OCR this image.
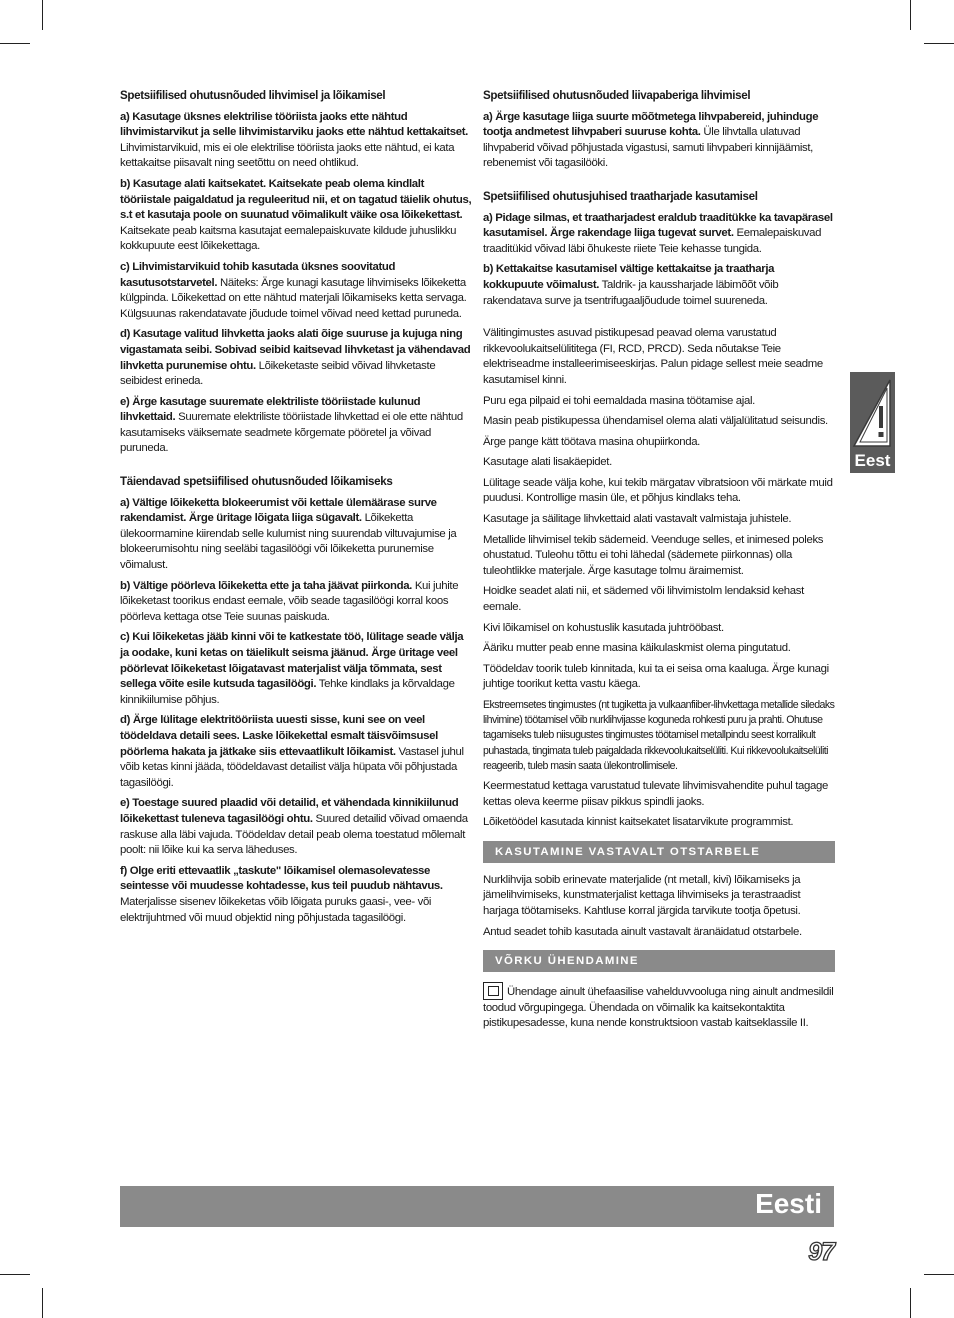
Spetsiifilised ohutusnõuded lihvimisel ja lõikamisel

a) Kasutage üksnes elektrilise tööriista jaoks ette nähtud lihvimistarvikut ja selle lihvimistarviku jaoks ette nähtud kettakaitset. Lihvimistarvikuid, mis ei ole elektrilise tööriista jaoks ette nähtud, ei kata kettakaitse piisavalt ning seetõttu on need ohtlikud.

b) Kasutage alati kaitsekatet. Kaitsekate peab olema kindlalt tööriistale paigaldatud ja reguleeritud nii, et on tagatud täielik ohutus, s.t et kasutaja poole on suunatud võimalikult väike osa lõikekettast. Kaitsekate peab kaitsma kasutajat eemalepaiskuvate kildude juhuslikku kokkupuute eest lõikekettaga.

c) Lihvimistarvikuid tohib kasutada üksnes soovitatud kasutusotstarvetel. Näiteks: Ärge kunagi kasutage lihvimiseks lõikeketta külgpinda. Lõikekettad on ette nähtud materjali lõikamiseks ketta servaga. Külgsuunas rakendatavate jõudude toimel võivad need kettad puruneda.

d) Kasutage valitud lihvketta jaoks alati õige suuruse ja kujuga ning vigastamata seibi. Sobivad seibid kaitsevad lihvketast ja vähendavad lihvketta purunemise ohtu. Lõikeketaste seibid võivad lihvketaste seibidest erineda.

e) Ärge kasutage suuremate elektriliste tööriistade kulunud lihvkettaid. Suuremate elektriliste tööriistade lihvkettad ei ole ette nähtud kasutamiseks väiksemate seadmete kõrgemate pööretel ja võivad puruneda.

Täiendavad spetsiifilised ohutusnõuded lõikamiseks

a) Vältige lõikeketta blokeerumist või kettale ülemäärase surve rakendamist. Ärge üritage lõigata liiga sügavalt. Lõikeketta ülekoormamine kiirendab selle kulumist ning suurendab viltuvajumise ja blokeerumisohtu ning seeläbi tagasilöögi või lõikeketta purunemise võimalust.

b) Vältige pöörleva lõikeketta ette ja taha jäävat piirkonda. Kui juhite lõikeketast toorikus endast eemale, võib seade tagasilöögi korral koos pöörleva kettaga otse Teie suunas paiskuda.

c) Kui lõikeketas jääb kinni või te katkestate töö, lülitage seade välja ja oodake, kuni ketas on täielikult seisma jäänud. Ärge üritage veel pöörlevat lõikeketast lõigatavast materjalist välja tõmmata, sest sellega võite esile kutsuda tagasilöögi. Tehke kindlaks ja kõrvaldage kinnikiilumise põhjus.

d) Ärge lülitage elektritööriista uuesti sisse, kuni see on veel töödeldava detaili sees. Laske lõikekettal esmalt täisvõimsusel pöörlema hakata ja jätkake siis ettevaatlikult lõikamist. Vastasel juhul võib ketas kinni jääda, töödeldavast detailist välja hüpata või põhjustada tagasilöögi.

e) Toestage suured plaadid või detailid, et vähendada kinnikiilunud lõikekettast tuleneva tagasilöögi ohtu. Suured detailid võivad omaenda raskuse alla läbi vajuda. Töödeldav detail peab olema toestatud mõlemalt poolt: nii lõike kui ka serva läheduses.

f) Olge eriti ettevaatlik „taskute" lõikamisel olemasolevatesse seintesse või muudesse kohtadesse, kus teil puudub nähtavus. Materjalisse sisenev lõikeketas võib lõigata puruks gaasi-, vee- või elektrijuhtmed või muud objektid ning põhjustada tagasilöögi.

Spetsiifilised ohutusnõuded liivapaberiga lihvimisel

a) Ärge kasutage liiga suurte mõõtmetega lihvpabereid, juhinduge tootja andmetest lihvpaberi suuruse kohta. Üle lihvtalla ulatuvad lihvpaberid võivad põhjustada vigastusi, samuti lihvpaberi kinnijäämist, rebenemist või tagasilööki.

Spetsiifilised ohutusjuhised traatharjade kasutamisel

a) Pidage silmas, et traatharjadest eraldub traaditükke ka tavapärasel kasutamisel. Ärge rakendage liiga tugevat survet. Eemalepaiskuvad traaditükid võivad läbi õhukeste riiete Teie kehasse tungida.

b) Kettakaitse kasutamisel vältige kettakaitse ja traatharja kokkupuute võimalust. Taldrik- ja kaussharjade läbimõõt võib rakendatava surve ja tsentrifugaaljõudude toimel suureneda.

Välitingimustes asuvad pistikupesad peavad olema varustatud rikkevoolukaitselülititega (FI, RCD, PRCD). Seda nõutakse Teie elektriseadme installeerimiseeskirjas. Palun pidage sellest meie seadme kasutamisel kinni.

Puru ega pilpaid ei tohi eemaldada masina töötamise ajal.

Masin peab pistikupessa ühendamisel olema alati väljalülitatud seisundis.

Ärge pange kätt töötava masina ohupiirkonda.

Kasutage alati lisakäepidet.

Lülitage seade välja kohe, kui tekib märgatav vibratsioon või märkate muid puudusi. Kontrollige masin üle, et põhjus kindlaks teha.

Kasutage ja säilitage lihvkettaid alati vastavalt valmistaja juhistele.

Metallide lihvimisel tekib sädemeid. Veenduge selles, et inimesed poleks ohustatud. Tuleohu tõttu ei tohi lähedal (sädemete piirkonnas) olla tuleohtlikke materjale. Ärge kasutage tolmu äraimemist.

Hoidke seadet alati nii, et sädemed või lihvimistolm lendaksid kehast eemale.

Kivi lõikamisel on kohustuslik kasutada juhtrööbast.

Ääriku mutter peab enne masina käikulaskmist olema pingutatud.

Töödeldav toorik tuleb kinnitada, kui ta ei seisa oma kaaluga. Ärge kunagi juhtige toorikut ketta vastu käega.

Ekstreemsetes tingimustes (nt tugiketta ja vulkaanfiiber-lihvkettaga metallide siledaks lihvimine) töötamisel võib nurklihvijasse koguneda rohkesti puru ja prahti. Ohutuse tagamiseks tuleb niisugustes tingimustes töötamisel metallpindu seest korralikult puhastada, tingimata tuleb paigaldada rikkevoolukaitselüliti. Kui rikkevoolukaitselüliti reageerib, tuleb masin saata ülekontrollimisele.

Keermestatud kettaga varustatud tulevate lihvimisvahendite puhul tagage kettas oleva keerme piisav pikkus spindli jaoks.

Lõiketöödel kasutada kinnist kaitsekatet lisatarvikute programmist.

KASUTAMINE VASTAVALT OTSTARBELE

Nurklihvija sobib erinevate materjalide (nt metall, kivi) lõikamiseks ja jämelihvimiseks, kunstmaterjalist kettaga lihvimiseks ja terastraadist harjaga töötamiseks. Kahtluse korral järgida tarvikute tootja õpetusi.

Antud seadet tohib kasutada ainult vastavalt äranäidatud otstarbele.

VÕRKU ÜHENDAMINE

Ühendage ainult ühefaasilise vahelduvvooluga ning ainult andmesildil toodud võrgupingega. Ühendada on võimalik ka kaitsekontaktita pistikupesadesse, kuna nende konstruktsioon vastab kaitseklassile II.

Eest
Eesti
97
